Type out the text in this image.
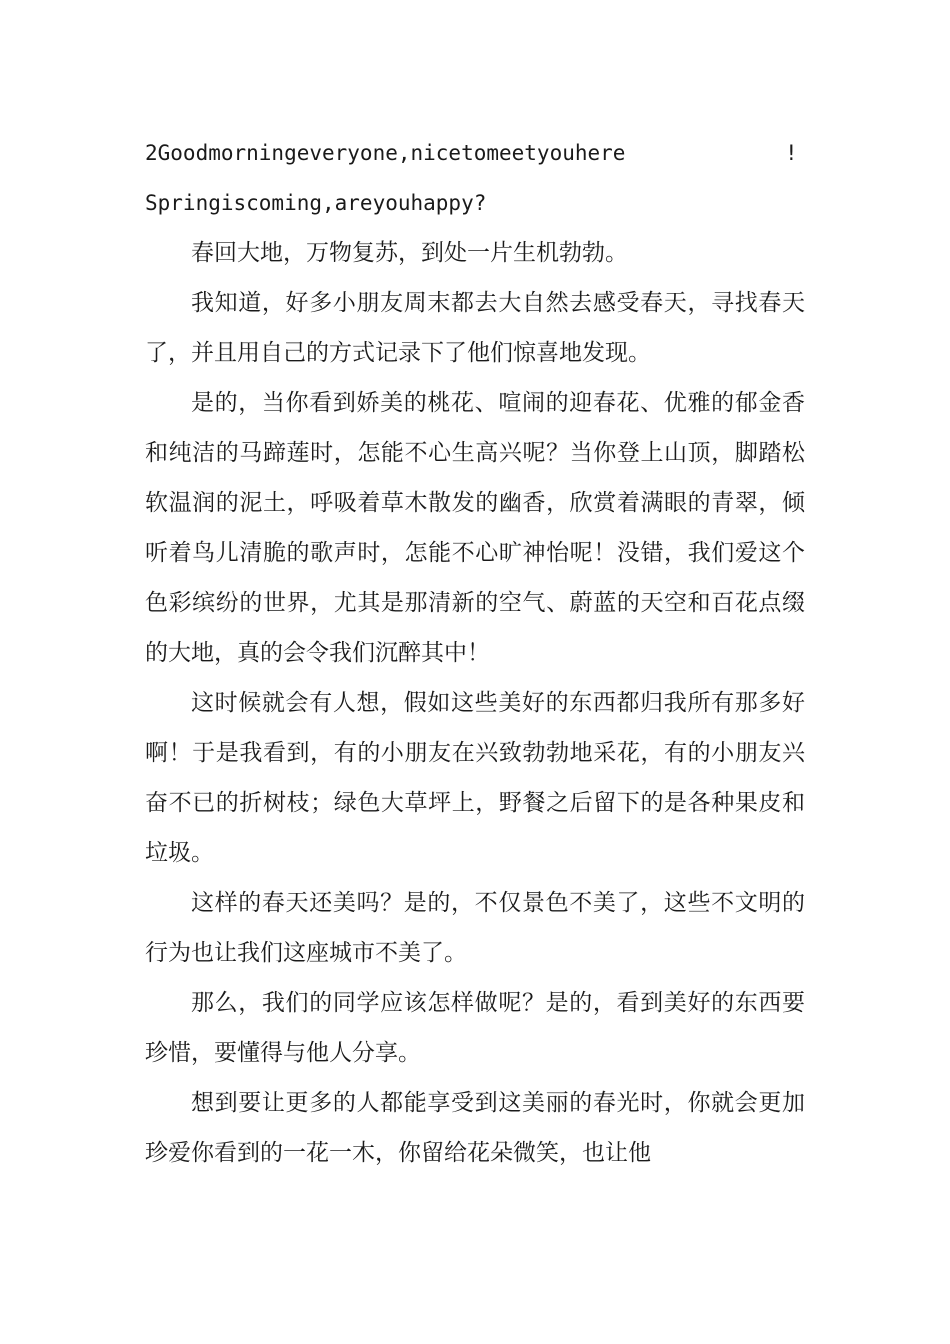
2Goodmorningeveryone,nicetomeetyouhere	!
Springiscoming,areyouhappy?

春回大地，万物复苏，到处一片生机勃勃。

我知道，好多小朋友周末都去大自然去感受春天，寻找春天了，并且用自己的方式记录下了他们惊喜地发现。

是的，当你看到娇美的桃花、喧闹的迎春花、优雅的郁金香和纯洁的马蹄莲时，怎能不心生高兴呢？当你登上山顶，脚踏松软温润的泥土，呼吸着草木散发的幽香，欣赏着满眼的青翠，倾听着鸟儿清脆的歌声时，怎能不心旷神怡呢！没错，我们爱这个色彩缤纷的世界，尤其是那清新的空气、蔚蓝的天空和百花点缀的大地，真的会令我们沉醉其中！

这时候就会有人想，假如这些美好的东西都归我所有那多好啊！于是我看到，有的小朋友在兴致勃勃地采花，有的小朋友兴奋不已的折树枝；绿色大草坪上，野餐之后留下的是各种果皮和垃圾。

这样的春天还美吗？是的，不仅景色不美了，这些不文明的行为也让我们这座城市不美了。

那么，我们的同学应该怎样做呢？是的，看到美好的东西要珍惜，要懂得与他人分享。

想到要让更多的人都能享受到这美丽的春光时，你就会更加珍爱你看到的一花一木，你留给花朵微笑，也让他
